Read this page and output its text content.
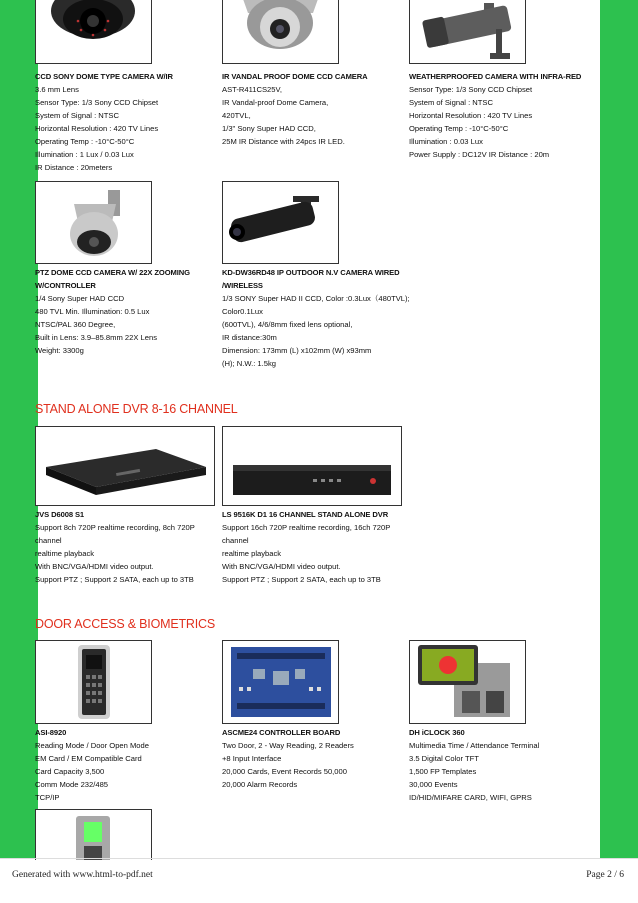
CCD SONY DOME TYPE CAMERA W/IR
3.6 mm Lens
Sensor Type: 1/3 Sony CCD Chipset
System of Signal : NTSC
Horizontal Resolution : 420 TV Lines
Operating Temp : -10°C-50°C
Illumination : 1 Lux / 0.03 Lux
IR Distance : 20meters
IR VANDAL PROOF DOME CCD CAMERA
AST-R411CS25V,
IR Vandal-proof Dome Camera,
420TVL,
1/3" Sony Super HAD CCD,
25M IR Distance with 24pcs IR LED.
WEATHERPROOFED CAMERA WITH INFRA-RED
Sensor Type: 1/3 Sony CCD Chipset
System of Signal : NTSC
Horizontal Resolution : 420 TV Lines
Operating Temp : -10°C-50°C
Illumination : 0.03 Lux
Power Supply : DC12V IR Distance : 20m
PTZ DOME CCD CAMERA W/ 22X ZOOMING
W/CONTROLLER
1/4 Sony Super HAD CCD
480 TVL Min. Illumination: 0.5 Lux
NTSC/PAL 360 Degree,
Built in Lens: 3.9–85.8mm 22X Lens
Weight: 3300g
KD-DW36RD48 IP OUTDOOR N.V CAMERA WIRED
/WIRELESS
1/3 SONY Super HAD II CCD, Color :0.3Lux（480TVL);
Color0.1Lux
(600TVL), 4/6/8mm fixed lens optional,
IR distance:30m
Dimension: 173mm (L) x102mm (W) x93mm
(H); N.W.: 1.5kg
STAND ALONE DVR 8-16 CHANNEL
JVS D6008 S1
Support 8ch 720P realtime recording, 8ch 720P
channel
realtime playback
With BNC/VGA/HDMI video output.
Support PTZ ; Support 2 SATA, each up to 3TB
LS 9516K D1 16 CHANNEL STAND ALONE DVR
Support 16ch 720P realtime recording, 16ch 720P
channel
realtime playback
With BNC/VGA/HDMI video output.
Support PTZ ; Support 2 SATA, each up to 3TB
DOOR ACCESS & BIOMETRICS
ASI-8920
Reading Mode / Door Open Mode
EM Card / EM Compatible Card
Card Capacity 3,500
Comm Mode 232/485
TCP/IP
ASCME24 CONTROLLER BOARD
Two Door, 2 - Way Reading, 2 Readers
+8 Input Interface
20,000 Cards, Event Records 50,000
20,000 Alarm Records
DH iCLOCK 360
Multimedia Time / Attendance Terminal
3.5 Digital Color TFT
1,500 FP Templates
30,000 Events
ID/HID/MIFARE CARD, WIFI, GPRS
Generated with www.html-to-pdf.net	Page 2 / 6
